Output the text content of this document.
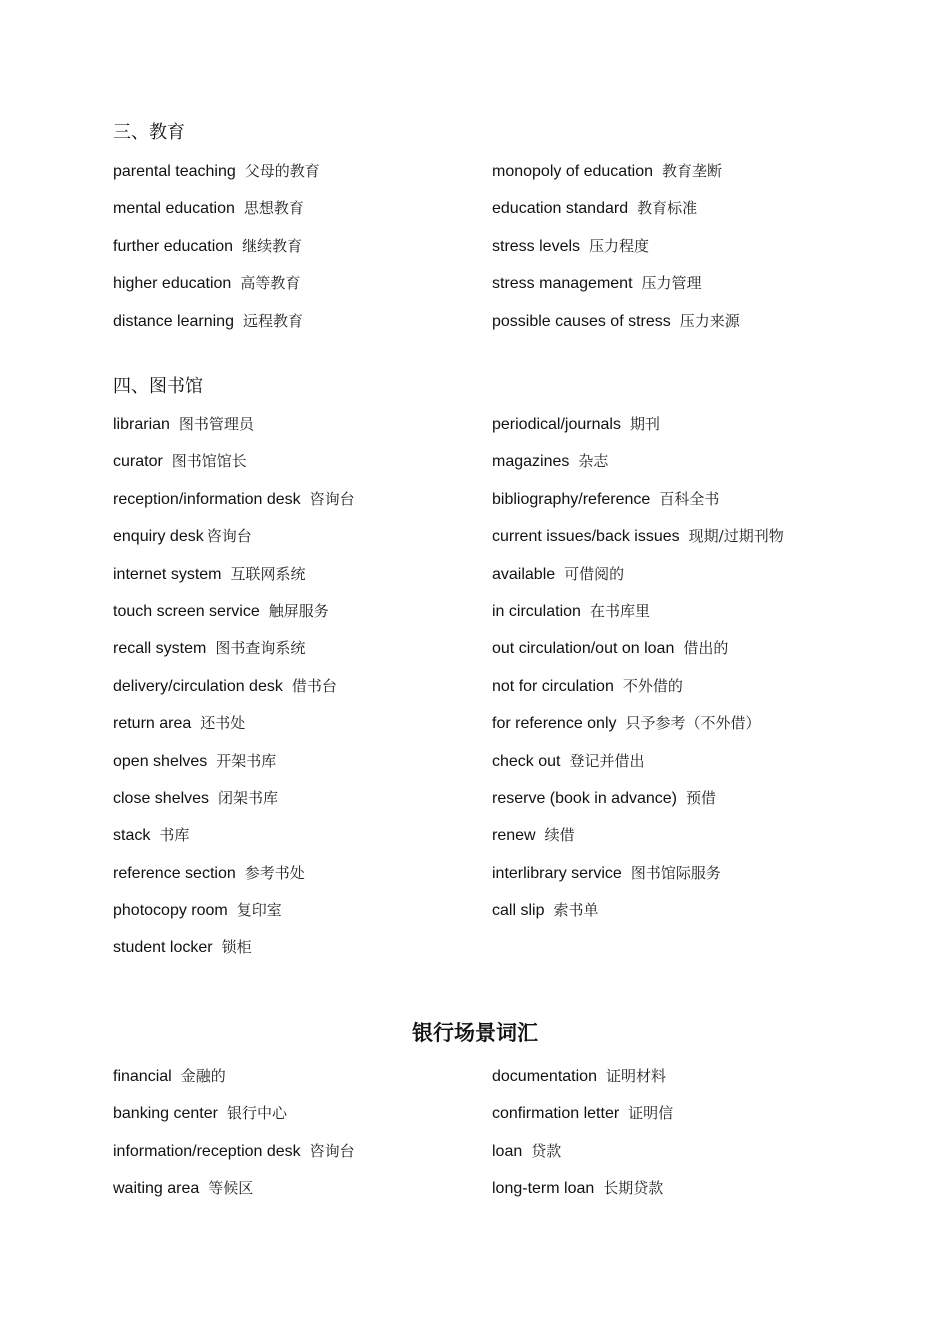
三、教育
parental teaching 父母的教育	monopoly of education 教育垄断
mental education 思想教育	education standard 教育标准
further education 继续教育	stress levels 压力程度
higher education 高等教育	stress management 压力管理
distance learning 远程教育	possible causes of stress 压力来源
四、图书馆
librarian 图书管理员	periodical/journals 期刊
curator 图书馆馆长	magazines 杂志
reception/information desk 咨询台	bibliography/reference 百科全书
enquiry desk 咨询台	current issues/back issues 现期/过期刊物
internet system 互联网系统	available 可借阅的
touch screen service 触屏服务	in circulation 在书库里
recall system 图书查询系统	out circulation/out on loan 借出的
delivery/circulation desk 借书台	not for circulation 不外借的
return area 还书处	for reference only 只予参考（不外借）
open shelves 开架书库	check out 登记并借出
close shelves 闭架书库	reserve (book in advance) 预借
stack 书库	renew 续借
reference section 参考书处	interlibrary service 图书馆际服务
photocopy room 复印室	call slip 索书单
student locker 锁柜
银行场景词汇
financial 金融的	documentation 证明材料
banking center 银行中心	confirmation letter 证明信
information/reception desk 咨询台	loan 贷款
waiting area 等候区	long-term loan 长期贷款
